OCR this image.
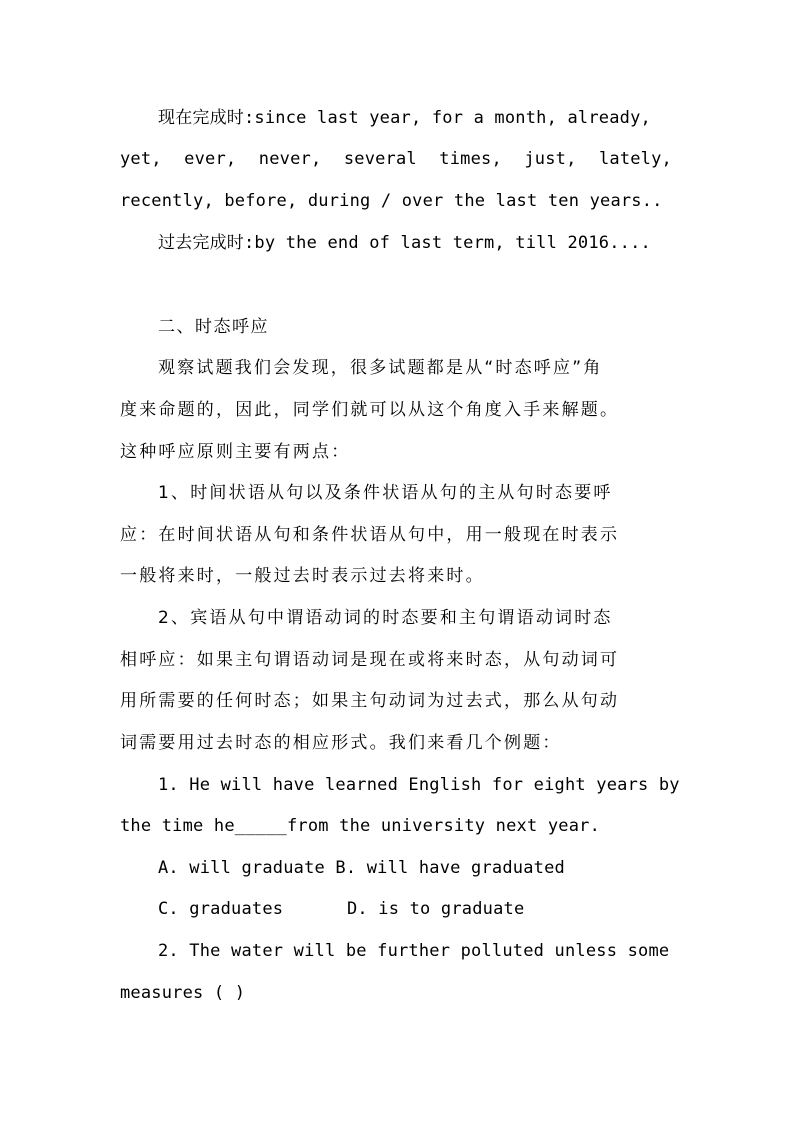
现在完成时:since last year, for a month, already,
yet, ever, never, several times, just, lately,
recently, before, during / over the last ten years..
过去完成时:by the end of last term, till 2016....
二、时态呼应
观察试题我们会发现，很多试题都是从“时态呼应”角
度来命题的，因此，同学们就可以从这个角度入手来解题。
这种呼应原则主要有两点：
1、时间状语从句以及条件状语从句的主从句时态要呼
应：在时间状语从句和条件状语从句中，用一般现在时表示
一般将来时，一般过去时表示过去将来时。
2、宾语从句中谓语动词的时态要和主句谓语动词时态
相呼应：如果主句谓语动词是现在或将来时态，从句动词可
用所需要的任何时态；如果主句动词为过去式，那么从句动
词需要用过去时态的相应形式。我们来看几个例题：
1. He will have learned English for eight years by
the time he_____from the university next year.
A. will graduate B. will have graduated
C. graduates	D. is to graduate
2. The water will be further polluted unless some
measures ( )
